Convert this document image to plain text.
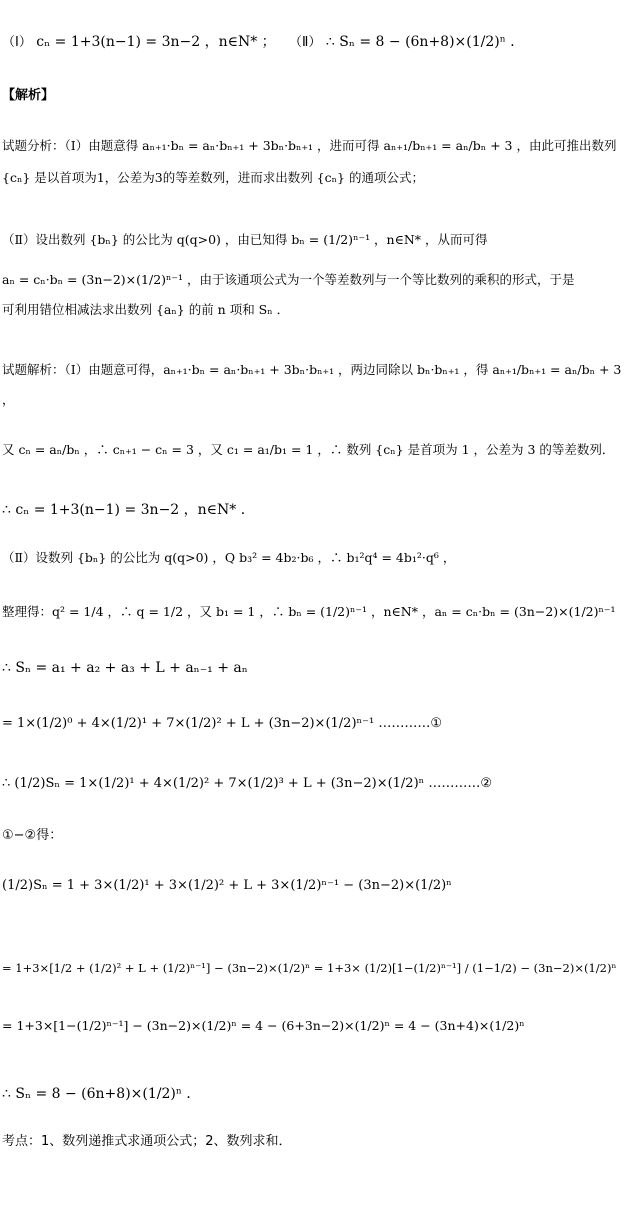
（Ⅰ） cₙ = 1+3(n−1) = 3n−2 ，n∈N* ； （Ⅱ） ∴ Sₙ = 8 − (6n+8)×(1/2)ⁿ ．
【解析】
试题分析：（Ⅰ）由题意得 aₙ₊₁·bₙ = aₙ·bₙ₊₁ + 3bₙ·bₙ₊₁ ，进而可得 aₙ₊₁/bₙ₊₁ = aₙ/bₙ + 3 ，由此可推出数列
{cₙ} 是以首项为1，公差为3的等差数列，进而求出数列 {cₙ} 的通项公式；
（Ⅱ）设出数列 {bₙ} 的公比为 q(q>0) ，由已知得 bₙ = (1/2)ⁿ⁻¹ ，n∈N* ，从而可得
aₙ = cₙ·bₙ = (3n−2)×(1/2)ⁿ⁻¹ ，由于该通项公式为一个等差数列与一个等比数列的乘积的形式，于是
可利用错位相减法求出数列 {aₙ} 的前 n 项和 Sₙ ．
试题解析：（Ⅰ）由题意可得，aₙ₊₁·bₙ = aₙ·bₙ₊₁ + 3bₙ·bₙ₊₁ ，两边同除以 bₙ·bₙ₊₁ ，得 aₙ₊₁/bₙ₊₁ = aₙ/bₙ + 3
，
又 cₙ = aₙ/bₙ ，∴ cₙ₊₁ − cₙ = 3 ，又 c₁ = a₁/b₁ = 1 ，∴ 数列 {cₙ} 是首项为 1 ，公差为 3 的等差数列．
∴ cₙ = 1+3(n−1) = 3n−2 ，n∈N* ．
（Ⅱ）设数列 {bₙ} 的公比为 q(q>0) ，Q b₃² = 4b₂·b₆ ，∴ b₁²q⁴ = 4b₁²·q⁶ ，
整理得：q² = 1/4 ，∴ q = 1/2 ，又 b₁ = 1 ，∴ bₙ = (1/2)ⁿ⁻¹ ，n∈N* ，aₙ = cₙ·bₙ = (3n−2)×(1/2)ⁿ⁻¹
∴ Sₙ = a₁ + a₂ + a₃ + L + aₙ₋₁ + aₙ
= 1×(1/2)⁰ + 4×(1/2)¹ + 7×(1/2)² + L + (3n−2)×(1/2)ⁿ⁻¹ …………①
∴ (1/2)Sₙ = 1×(1/2)¹ + 4×(1/2)² + 7×(1/2)³ + L + (3n−2)×(1/2)ⁿ …………②
①−②得：
(1/2)Sₙ = 1 + 3×(1/2)¹ + 3×(1/2)² + L + 3×(1/2)ⁿ⁻¹ − (3n−2)×(1/2)ⁿ
= 1+3×[1/2 + (1/2)² + L + (1/2)ⁿ⁻¹] − (3n−2)×(1/2)ⁿ = 1+3× (1/2)[1−(1/2)ⁿ⁻¹] / (1−1/2) − (3n−2)×(1/2)ⁿ
= 1+3×[1−(1/2)ⁿ⁻¹] − (3n−2)×(1/2)ⁿ = 4 − (6+3n−2)×(1/2)ⁿ = 4 − (3n+4)×(1/2)ⁿ
∴ Sₙ = 8 − (6n+8)×(1/2)ⁿ ．
考点：1、数列递推式求通项公式；2、数列求和．
